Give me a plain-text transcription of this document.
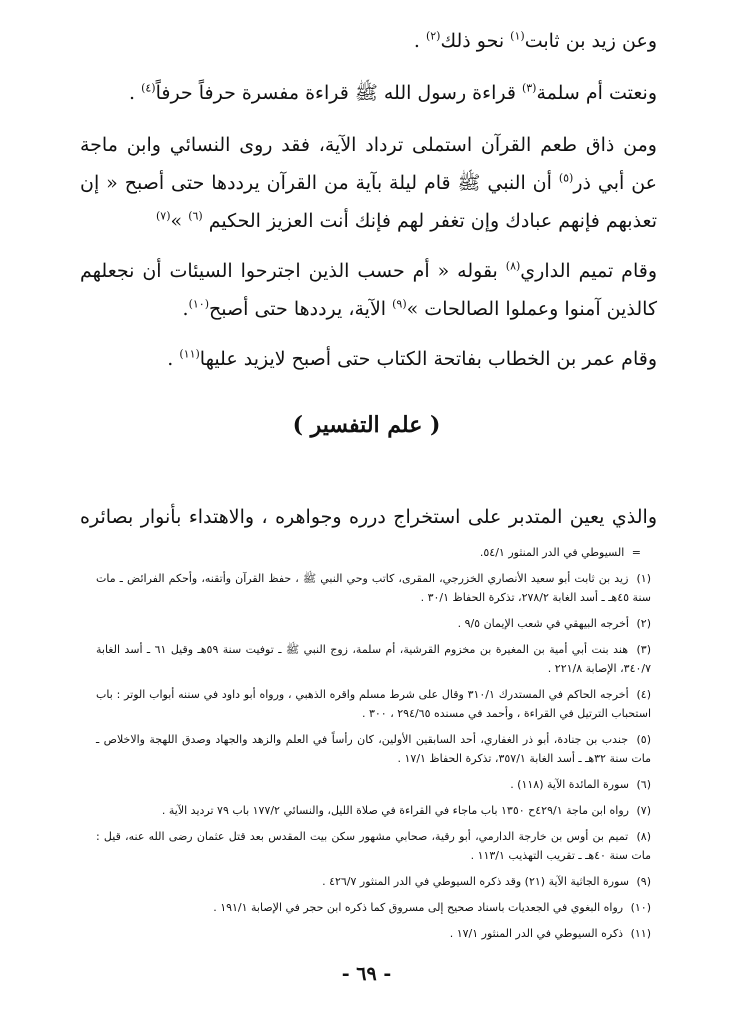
وعن زيد بن ثابت$^{(١)}$ نحو ذلك$^{(٢)}$ .

ونعتت أم سلمة$^{(٣)}$ قراءة رسول الله ﷺ قراءة مفسرة حرفاً حرفاً$^{(٤)}$ .

ومن ذاق طعم القرآن استملى ترداد الآية، فقد روى النسائي وابن ماجة عن أبي ذر$^{(٥)}$ أن النبي ﷺ قام ليلة بآية من القرآن يرددها حتى أصبح « إن تعذبهم فإنهم عبادك وإن تغفر لهم فإنك أنت العزيز الحكيم $^{(٦)}$ »$^{(٧)}$

وقام تميم الداري$^{(٨)}$ بقوله « أم حسب الذين اجترحوا السيئات أن نجعلهم كالذين آمنوا وعملوا الصالحات »$^{(٩)}$ الآية، يرددها حتى أصبح$^{(١٠)}$.

وقام عمر بن الخطاب بفاتحة الكتاب حتى أصبح لايزيد عليها$^{(١١)}$ .

( علم التفسير )
والذي يعين المتدبر على استخراج درره وجواهره ، والاهتداء بأنوار بصائره
= السيوطي في الدر المنثور ٥٤/١.
(١) زيد بن ثابت أبو سعيد الأنصاري الخزرجي، المقرى، كاتب وحي النبي ﷺ ، حفظ القرآن وأتقنه، وأحكم الفرائض ـ مات سنة ٤٥هـ ـ أسد الغابة ٢٧٨/٢، تذكرة الحفاظ ٣٠/١ .
(٢) أخرجه البيهقي في شعب الإيمان ٩/٥ .
(٣) هند بنت أبي أمية بن المغيرة بن مخزوم القرشية، أم سلمة، زوج النبي ﷺ ـ توفيت سنة ٥٩هـ وقيل ٦١ ـ أسد الغابة ٣٤٠/٧، الإصابة ٢٢١/٨ .
(٤) أخرجه الحاكم في المستدرك ٣١٠/١ وقال على شرط مسلم واقره الذهبي ، ورواه أبو داود في سننه أبواب الوتر : باب استحباب الترتيل في القراءة ، وأحمد في مسنده ٢٩٤/٦٥ ، ٣٠٠ .
(٥) جندب بن جنادة، أبو ذر الغفاري، أحد السابقين الأولين، كان رأساً في العلم والزهد والجهاد وصدق اللهجة والاخلاص ـ مات سنة ٣٢هـ ـ أسد الغابة ٣٥٧/١، تذكرة الحفاظ ١٧/١ .
(٦) سورة المائدة الآية (١١٨) .
(٧) رواه ابن ماجة ٤٢٩/١ح ١٣٥٠ باب ماجاء في القراءة في صلاة الليل، والنسائي ١٧٧/٢ باب ٧٩ ترديد الآية .
(٨) تميم بن أوس بن خارجة الدارمي، أبو رقية، صحابي مشهور سكن بيت المقدس بعد قتل عثمان رضى الله عنه، قيل : مات سنة ٤٠هـ ـ تقريب التهذيب ١١٣/١ .
(٩) سورة الجاثية الآية (٢١) وقد ذكره السيوطي في الدر المنثور ٤٢٦/٧ .
(١٠) رواه البغوي في الجعديات باسناد صحيح إلى مسروق كما ذكره ابن حجر في الإصابة ١٩١/١ .
(١١) ذكره السيوطي في الدر المنثور ١٧/١ .
- ٦٩ -
